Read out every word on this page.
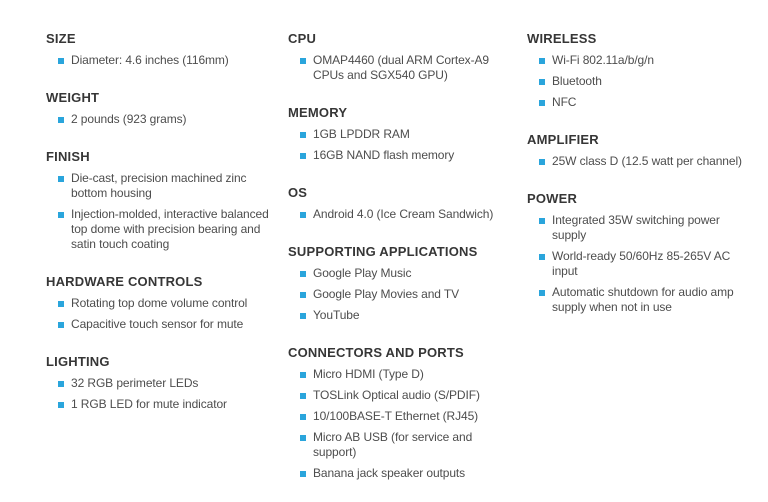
SIZE
Diameter: 4.6 inches (116mm)
WEIGHT
2 pounds (923 grams)
FINISH
Die-cast, precision machined zinc bottom housing
Injection-molded, interactive balanced top dome with precision bearing and satin touch coating
HARDWARE CONTROLS
Rotating top dome volume control
Capacitive touch sensor for mute
LIGHTING
32 RGB perimeter LEDs
1 RGB LED for mute indicator
CPU
OMAP4460 (dual ARM Cortex-A9 CPUs and SGX540 GPU)
MEMORY
1GB LPDDR RAM
16GB NAND flash memory
OS
Android 4.0 (Ice Cream Sandwich)
SUPPORTING APPLICATIONS
Google Play Music
Google Play Movies and TV
YouTube
CONNECTORS AND PORTS
Micro HDMI (Type D)
TOSLink Optical audio (S/PDIF)
10/100BASE-T Ethernet (RJ45)
Micro AB USB (for service and support)
Banana jack speaker outputs
WIRELESS
Wi-Fi 802.11a/b/g/n
Bluetooth
NFC
AMPLIFIER
25W class D (12.5 watt per channel)
POWER
Integrated 35W switching power supply
World-ready 50/60Hz 85-265V AC input
Automatic shutdown for audio amp supply when not in use
